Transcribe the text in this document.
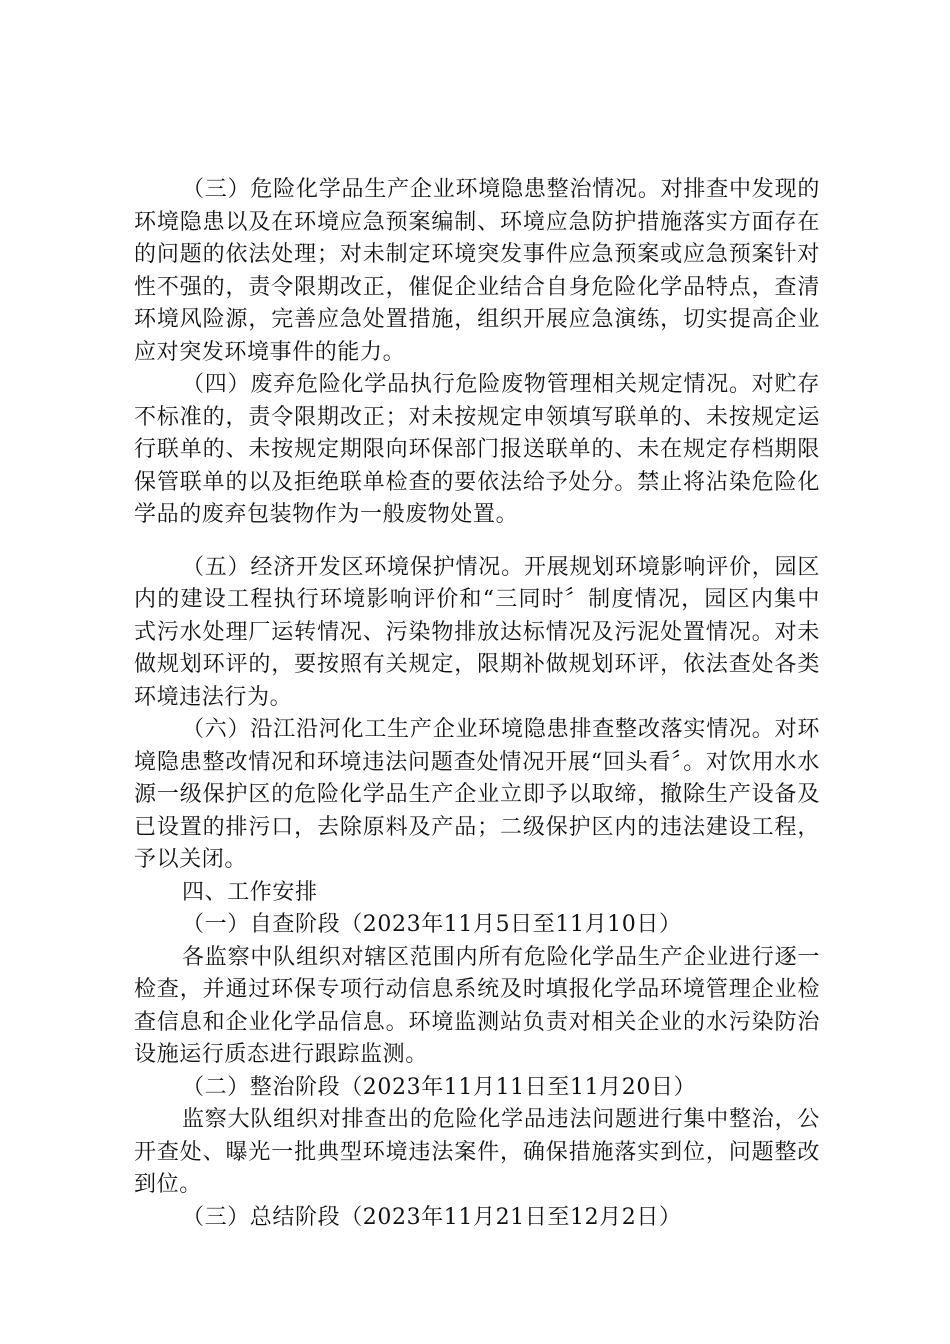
（三）危险化学品生产企业环境隐患整治情况。对排查中发现的环境隐患以及在环境应急预案编制、环境应急防护措施落实方面存在的问题的依法处理；对未制定环境突发事件应急预案或应急预案针对性不强的，责令限期改正，催促企业结合自身危险化学品特点，查清环境风险源，完善应急处置措施，组织开展应急演练，切实提高企业应对突发环境事件的能力。

（四）废弃危险化学品执行危险废物管理相关规定情况。对贮存不标准的，责令限期改正；对未按规定申领填写联单的、未按规定运行联单的、未按规定期限向环保部门报送联单的、未在规定存档期限保管联单的以及拒绝联单检查的要依法给予处分。禁止将沾染危险化学品的废弃包装物作为一般废物处置。

（五）经济开发区环境保护情况。开展规划环境影响评价，园区内的建设工程执行环境影响评价和“三同时〞制度情况，园区内集中式污水处理厂运转情况、污染物排放达标情况及污泥处置情况。对未做规划环评的，要按照有关规定，限期补做规划环评，依法查处各类环境违法行为。

（六）沿江沿河化工生产企业环境隐患排查整改落实情况。对环境隐患整改情况和环境违法问题查处情况开展“回头看〞。对饮用水水源一级保护区的危险化学品生产企业立即予以取缔，撤除生产设备及已设置的排污口，去除原料及产品；二级保护区内的违法建设工程，予以关闭。

四、工作安排

（一）自查阶段（2023年11月5日至11月10日）

各监察中队组织对辖区范围内所有危险化学品生产企业进行逐一检查，并通过环保专项行动信息系统及时填报化学品环境管理企业检查信息和企业化学品信息。环境监测站负责对相关企业的水污染防治设施运行质态进行跟踪监测。

（二）整治阶段（2023年11月11日至11月20日）

监察大队组织对排查出的危险化学品违法问题进行集中整治，公开查处、曝光一批典型环境违法案件，确保措施落实到位，问题整改到位。

（三）总结阶段（2023年11月21日至12月2日）
